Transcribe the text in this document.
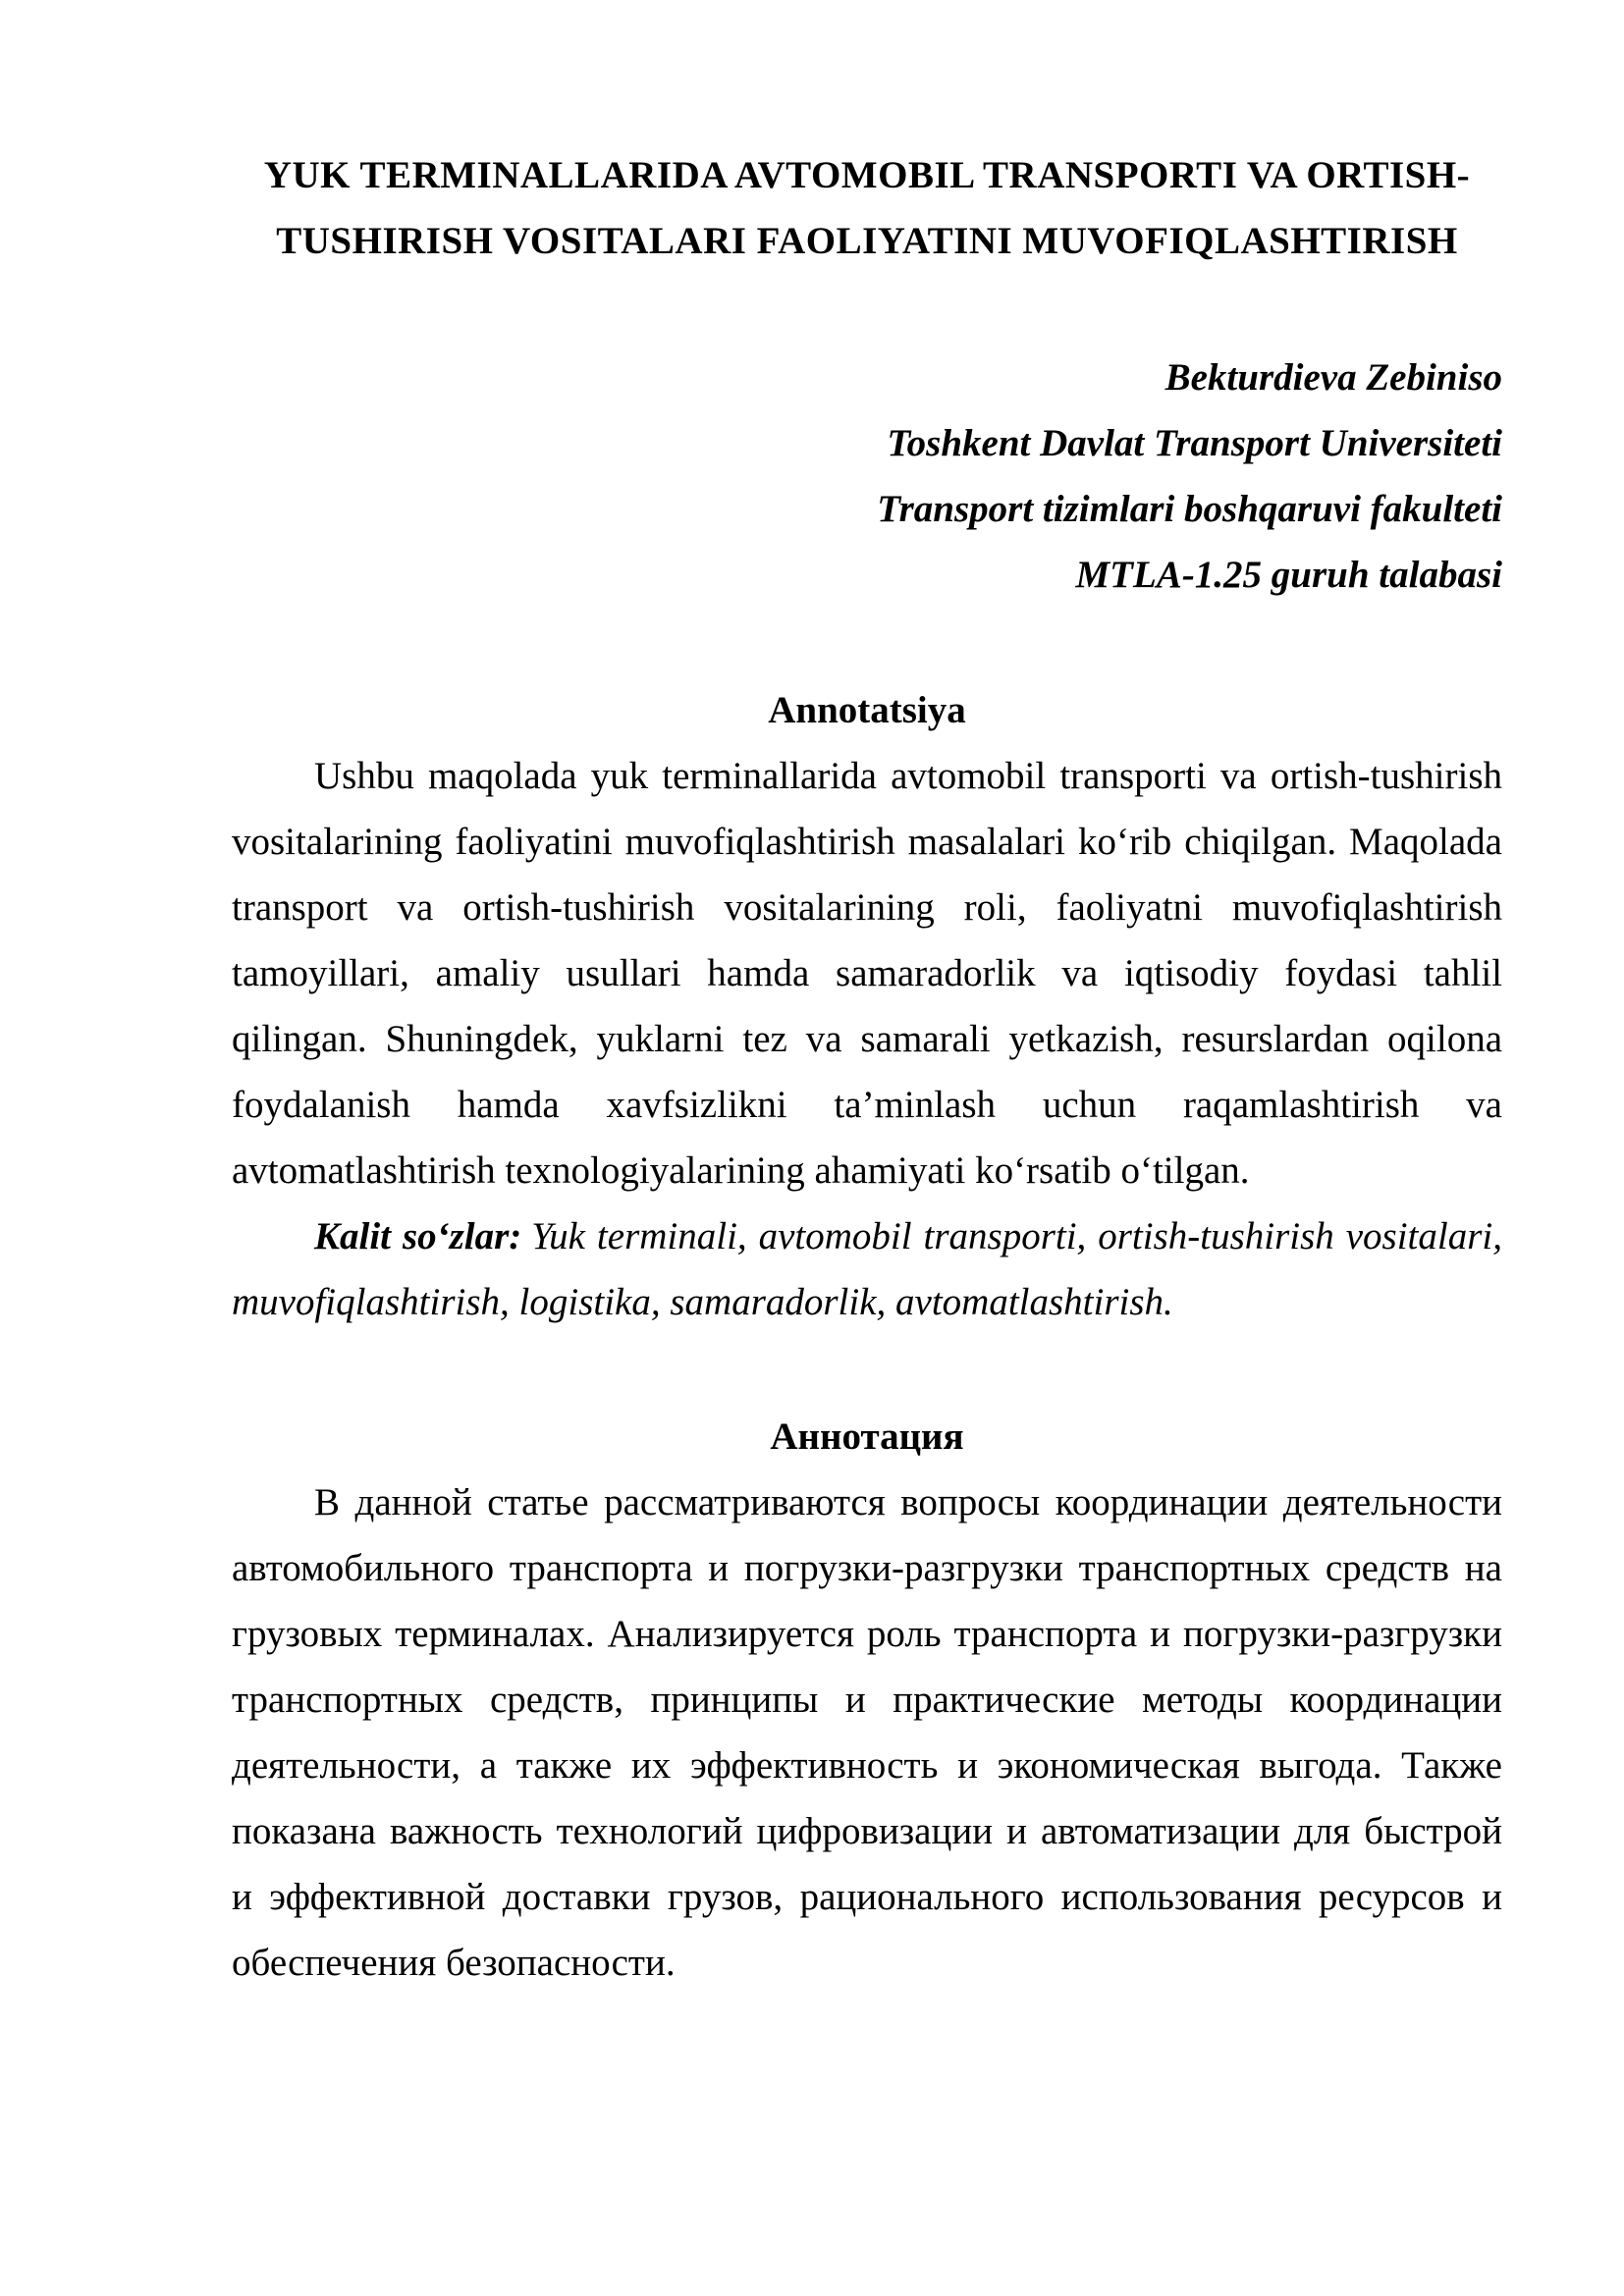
YUK TERMINALLARIDA AVTOMOBIL TRANSPORTI VA ORTISH-
TUSHIRISH VOSITALARI FAOLIYATINI MUVOFIQLASHTIRISH
Bekturdieva Zebiniso
Toshkent Davlat Transport Universiteti
Transport tizimlari boshqaruvi fakulteti
MTLA-1.25 guruh talabasi
Annotatsiya

Ushbu maqolada yuk terminallarida avtomobil transporti va ortish-tushirish vositalarining faoliyatini muvofiqlashtirish masalalari ko‘rib chiqilgan. Maqolada transport va ortish-tushirish vositalarining roli, faoliyatni muvofiqlashtirish tamoyillari, amaliy usullari hamda samaradorlik va iqtisodiy foydasi tahlil qilingan. Shuningdek, yuklarni tez va samarali yetkazish, resurslardan oqilona foydalanish hamda xavfsizlikni ta’minlash uchun raqamlashtirish va avtomatlashtirish texnologiyalarining ahamiyati ko‘rsatib o‘tilgan.

Kalit so‘zlar: Yuk terminali, avtomobil transporti, ortish-tushirish vositalari, muvofiqlashtirish, logistika, samaradorlik, avtomatlashtirish.

Аннотация

В данной статье рассматриваются вопросы координации деятельности автомобильного транспорта и погрузки-разгрузки транспортных средств на грузовых терминалах. Анализируется роль транспорта и погрузки-разгрузки транспортных средств, принципы и практические методы координации деятельности, а также их эффективность и экономическая выгода. Также показана важность технологий цифровизации и автоматизации для быстрой и эффективной доставки грузов, рационального использования ресурсов и обеспечения безопасности.
